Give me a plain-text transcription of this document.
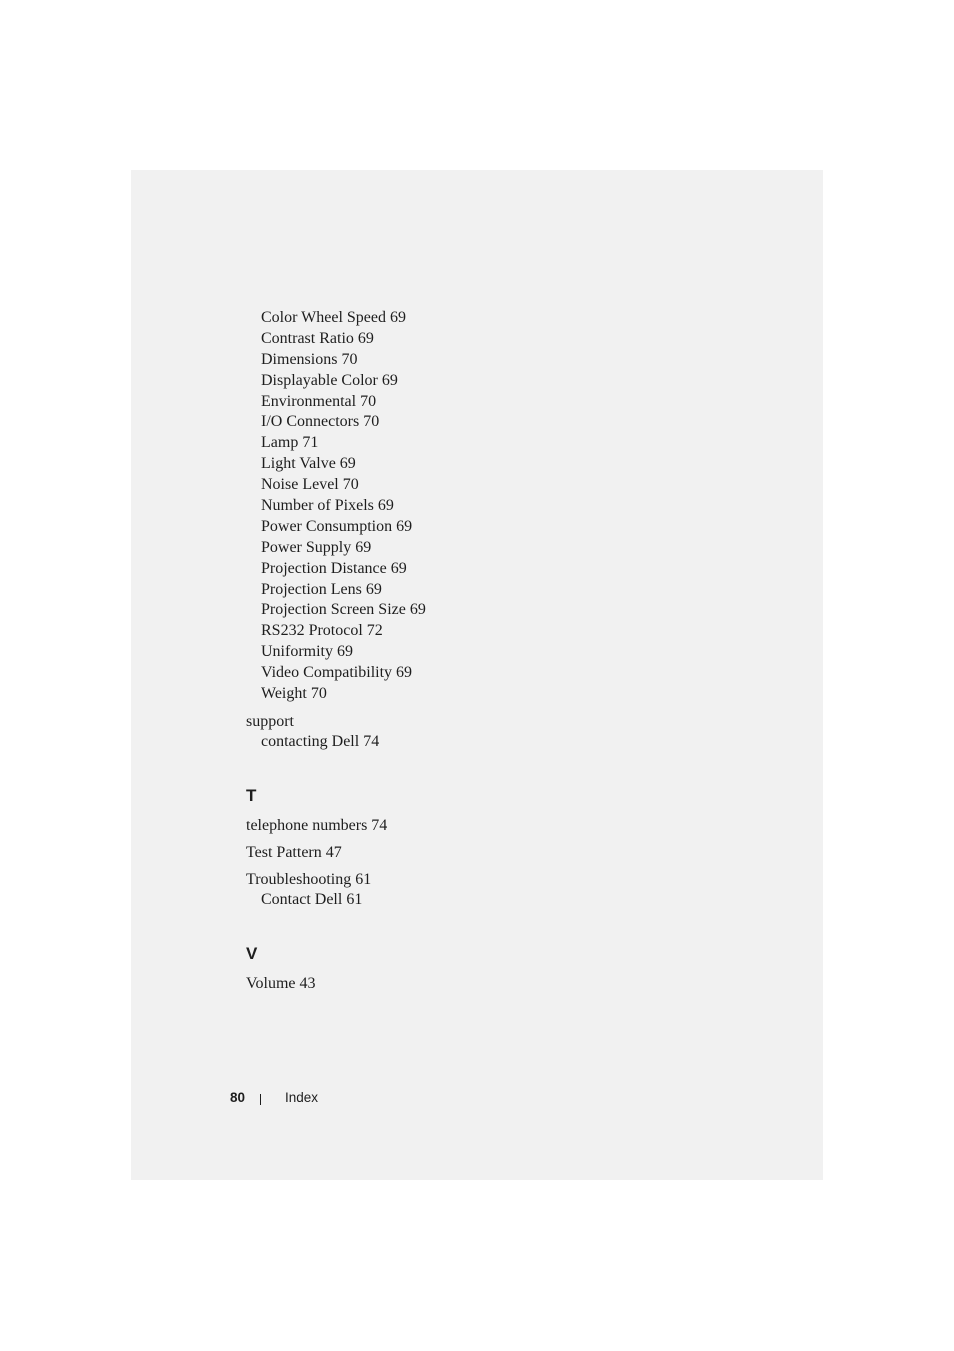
Color Wheel Speed 69
Contrast Ratio 69
Dimensions 70
Displayable Color 69
Environmental 70
I/O Connectors 70
Lamp 71
Light Valve 69
Noise Level 70
Number of Pixels 69
Power Consumption 69
Power Supply 69
Projection Distance 69
Projection Lens 69
Projection Screen Size 69
RS232 Protocol 72
Uniformity 69
Video Compatibility 69
Weight 70
support
contacting Dell 74
T
telephone numbers 74
Test Pattern 47
Troubleshooting 61
Contact Dell 61
V
Volume 43
80	Index
